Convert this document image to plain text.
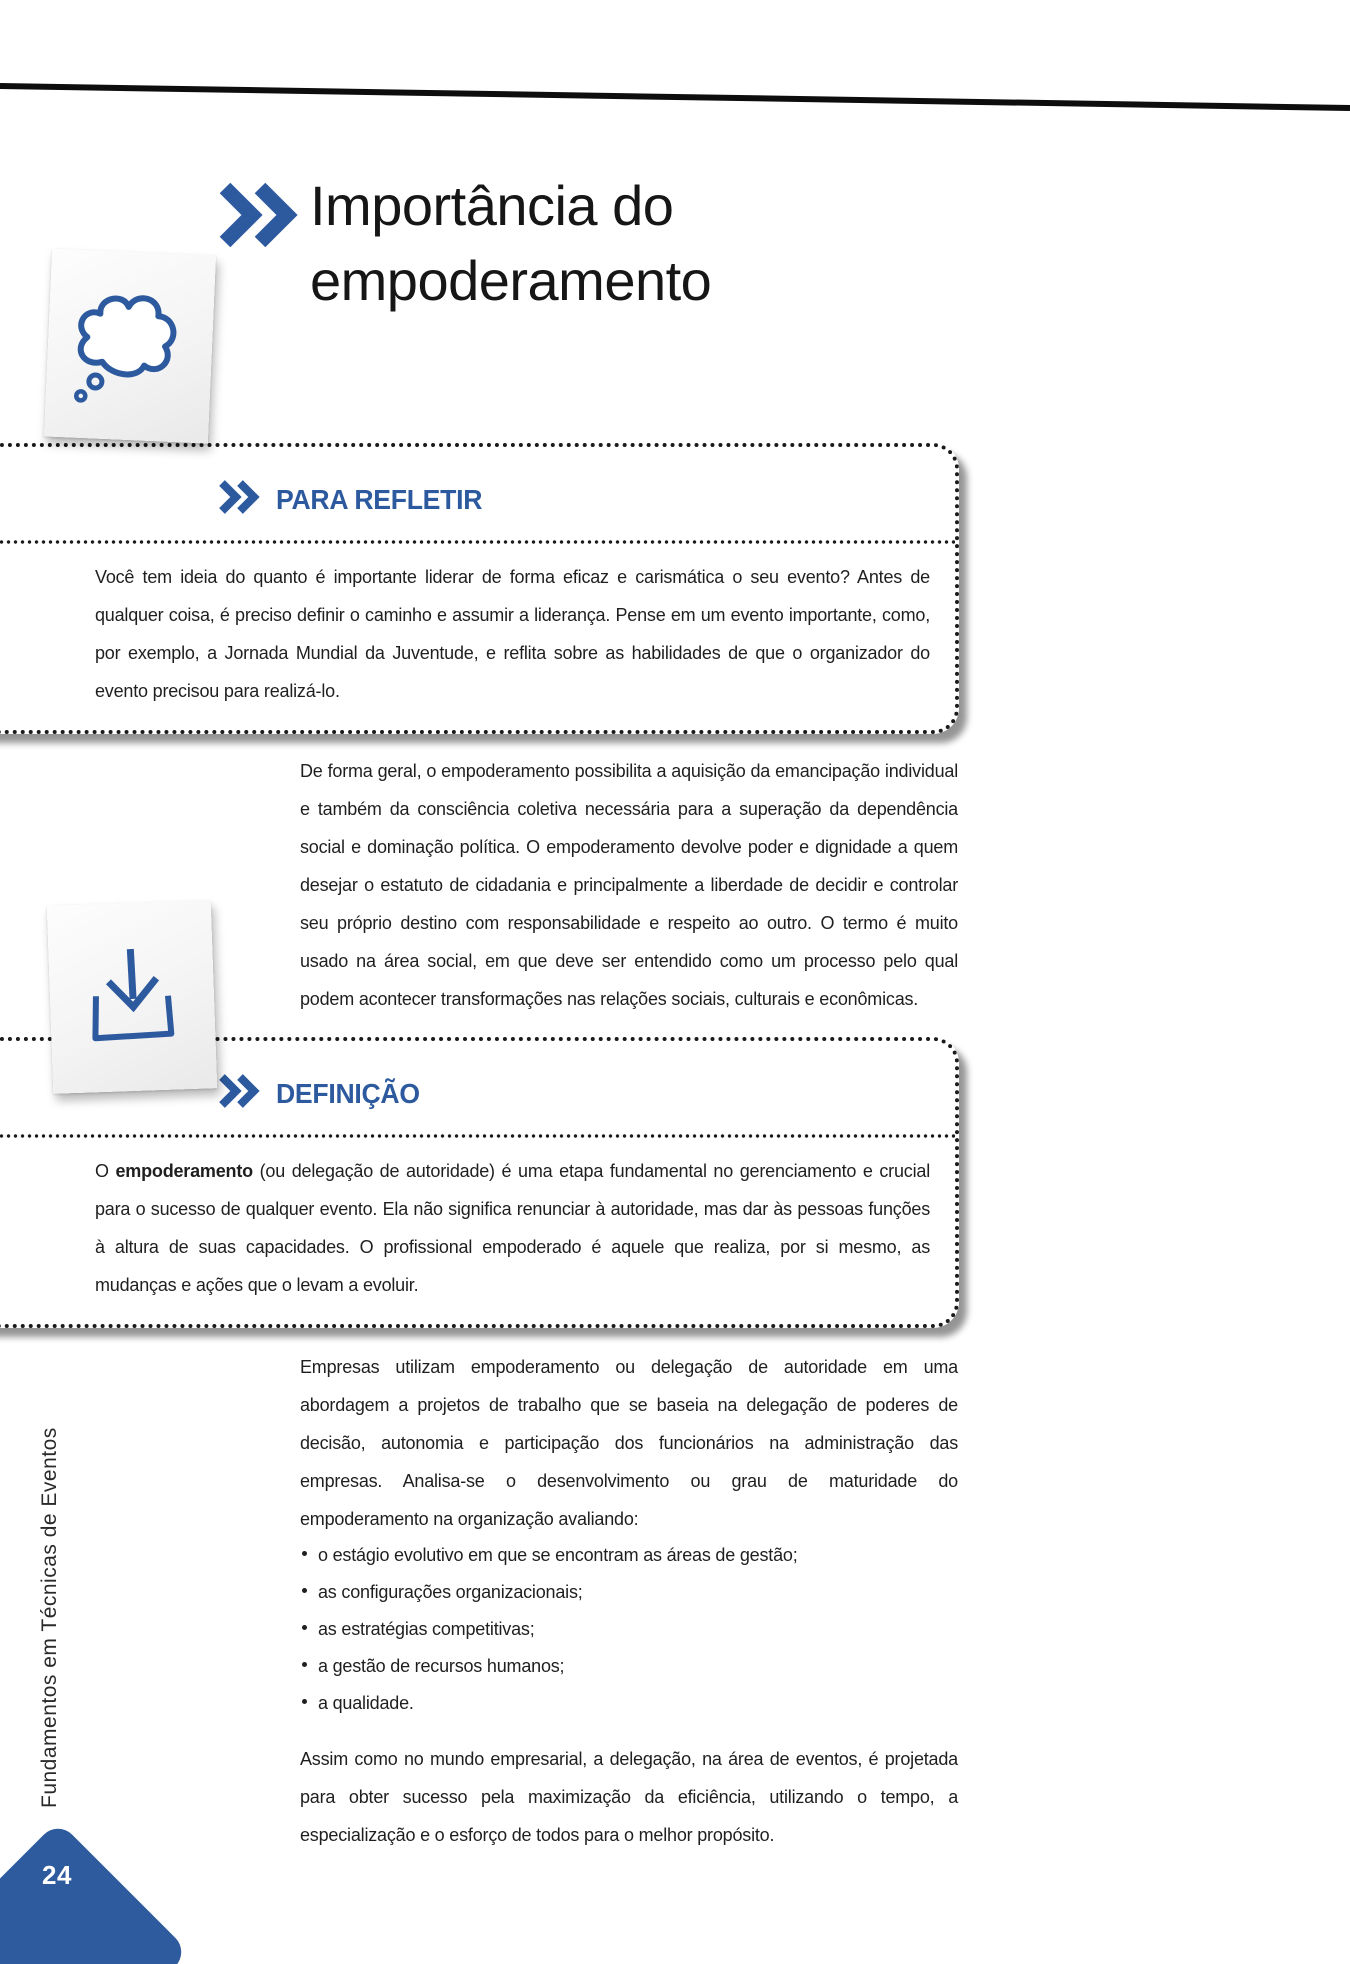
Importância do empoderamento
PARA REFLETIR
Você tem ideia do quanto é importante liderar de forma eficaz e carismática o seu evento? Antes de qualquer coisa, é preciso definir o caminho e assumir a liderança. Pense em um evento importante, como, por exemplo, a Jornada Mundial da Juventude, e reflita sobre as habilidades de que o organizador do evento precisou para realizá-lo.
De forma geral, o empoderamento possibilita a aquisição da emancipação individual e também da consciência coletiva necessária para a superação da dependência social e dominação política. O empoderamento devolve poder e dignidade a quem desejar o estatuto de cidadania e principalmente a liberdade de decidir e controlar seu próprio destino com responsabilidade e respeito ao outro. O termo é muito usado na área social, em que deve ser entendido como um processo pelo qual podem acontecer transformações nas relações sociais, culturais e econômicas.
DEFINIÇÃO
O empoderamento (ou delegação de autoridade) é uma etapa fundamental no gerenciamento e crucial para o sucesso de qualquer evento. Ela não significa renunciar à autoridade, mas dar às pessoas funções à altura de suas capacidades. O profissional empoderado é aquele que realiza, por si mesmo, as mudanças e ações que o levam a evoluir.
Empresas utilizam empoderamento ou delegação de autoridade em uma abordagem a projetos de trabalho que se baseia na delegação de poderes de decisão, autonomia e participação dos funcionários na administração das empresas. Analisa-se o desenvolvimento ou grau de maturidade do empoderamento na organização avaliando:
o estágio evolutivo em que se encontram as áreas de gestão;
as configurações organizacionais;
as estratégias competitivas;
a gestão de recursos humanos;
a qualidade.
Assim como no mundo empresarial, a delegação, na área de eventos, é projetada para obter sucesso pela maximização da eficiência, utilizando o tempo, a especialização e o esforço de todos para o melhor propósito.
Fundamentos em Técnicas de Eventos
24
